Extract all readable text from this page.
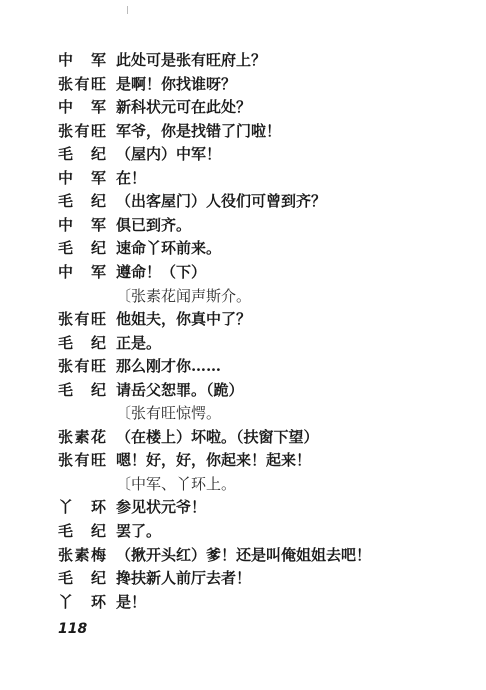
中　军 此处可是张有旺府上？
张有旺 是啊！你找谁呀？
中　军 新科状元可在此处？
张有旺 军爷，你是找错了门啦！
毛　纪 （屋内）中军！
中　军 在！
毛　纪 （出客屋门）人役们可曾到齐？
中　军 俱已到齐。
毛　纪 速命丫环前来。
中　军 遵命！（下）
〔张素花闻声斯介。
张有旺 他姐夫，你真中了？
毛　纪 正是。
张有旺 那么刚才你……
毛　纪 请岳父恕罪。（跪）
〔张有旺惊愕。
张素花 （在楼上）坏啦。（扶窗下望）
张有旺 嗯！好，好，你起来！起来！
〔中军、丫环上。
丫　环 参见状元爷！
毛　纪 罢了。
张素梅 （揪开头红）爹！还是叫俺姐姐去吧！
毛　纪 搀扶新人前厅去者！
丫　环 是！
118
